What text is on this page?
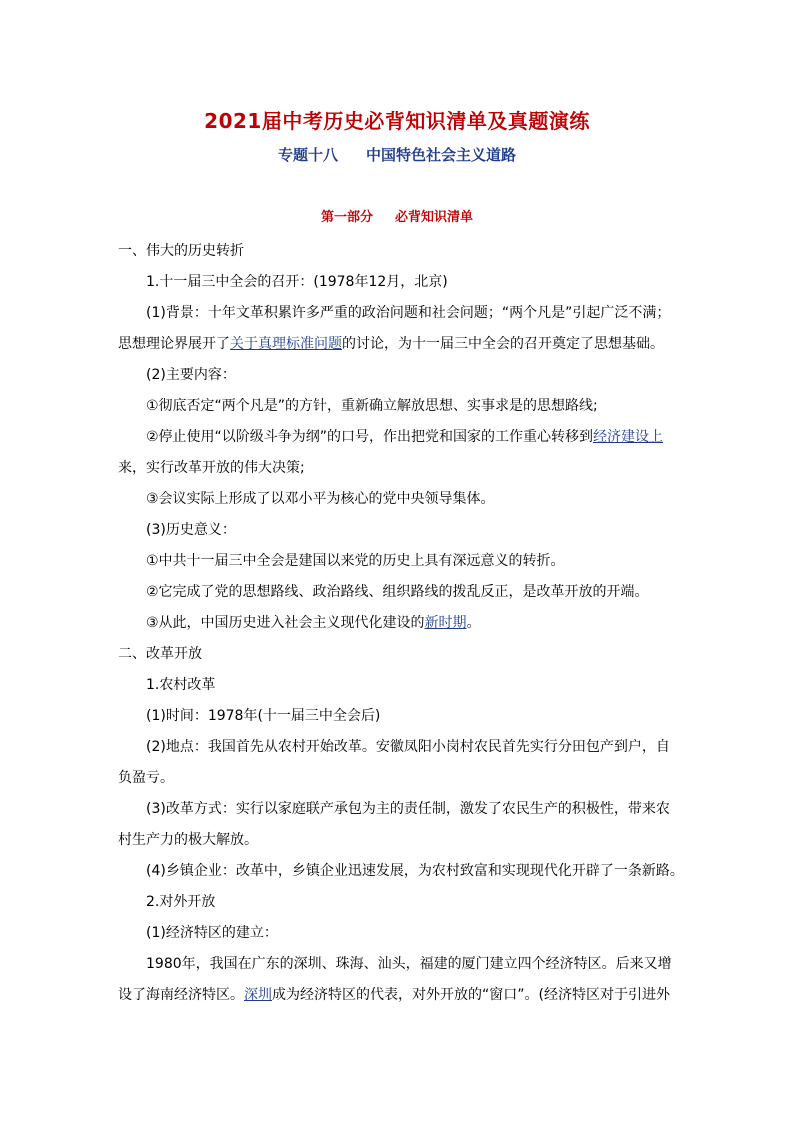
2021届中考历史必背知识清单及真题演练
专题十八 中国特色社会主义道路
第一部分 必背知识清单

一、伟大的历史转折

1.十一届三中全会的召开：(1978年12月，北京)

(1)背景：十年文革积累许多严重的政治问题和社会问题；“两个凡是”引起广泛不满；

思想理论界展开了关于真理标准问题的讨论，为十一届三中全会的召开奠定了思想基础。

(2)主要内容：

①彻底否定“两个凡是”的方针，重新确立解放思想、实事求是的思想路线;

②停止使用“以阶级斗争为纲”的口号，作出把党和国家的工作重心转移到经济建设上

来，实行改革开放的伟大决策;

③会议实际上形成了以邓小平为核心的党中央领导集体。

(3)历史意义：

①中共十一届三中全会是建国以来党的历史上具有深远意义的转折。

②它完成了党的思想路线、政治路线、组织路线的拨乱反正，是改革开放的开端。

③从此，中国历史进入社会主义现代化建设的新时期。

二、改革开放

1.农村改革

(1)时间：1978年(十一届三中全会后)

(2)地点：我国首先从农村开始改革。安徽凤阳小岗村农民首先实行分田包产到户，自

负盈亏。

(3)改革方式：实行以家庭联产承包为主的责任制，激发了农民生产的积极性，带来农

村生产力的极大解放。

(4)乡镇企业：改革中，乡镇企业迅速发展，为农村致富和实现现代化开辟了一条新路。

2.对外开放

(1)经济特区的建立：

1980年，我国在广东的深圳、珠海、汕头，福建的厦门建立四个经济特区。后来又增

设了海南经济特区。深圳成为经济特区的代表，对外开放的“窗口”。(经济特区对于引进外
